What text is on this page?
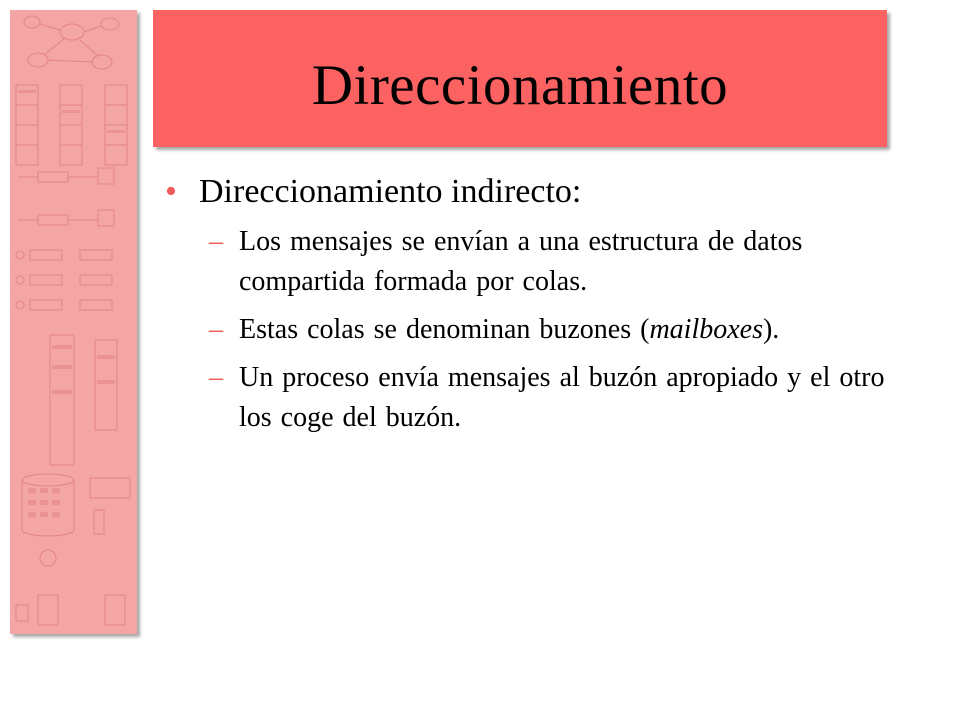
Direccionamiento
• Direccionamiento indirecto:
– Los mensajes se envían a una estructura de datos compartida formada por colas.
– Estas colas se denominan buzones (mailboxes).
– Un proceso envía mensajes al buzón apropiado y el otro los coge del buzón.
